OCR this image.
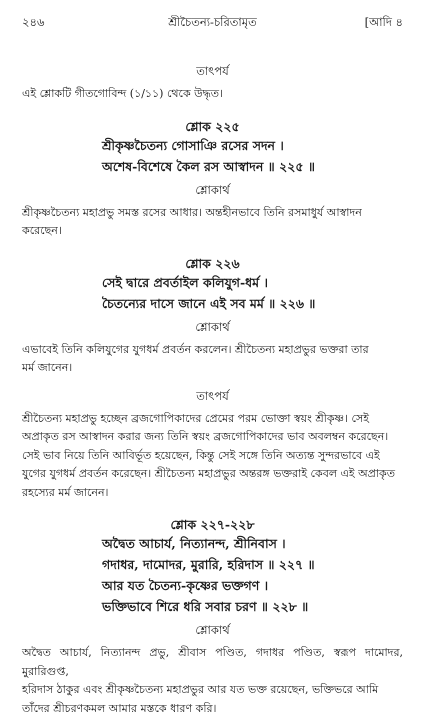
২৪৬	শ্রীচৈতন্য-চরিতামৃত	[আদি ৪

তাৎপর্য

এই শ্লোকটি গীতগোবিন্দ (১/১১) থেকে উদ্ধৃত।

শ্লোক ২২৫

শ্রীকৃষ্ণচৈতন্য গোসাঞি রসের সদন ।

অশেষ-বিশেষে কৈল রস আস্বাদন ॥ ২২৫ ॥

শ্লোকার্থ

শ্রীকৃষ্ণচৈতন্য মহাপ্রভু সমস্ত রসের আধার। অন্তহীনভাবে তিনি রসমাধুর্য আস্বাদন

করেছেন।

শ্লোক ২২৬

সেই দ্বারে প্রবর্তাইল কলিযুগ-ধর্ম ।

চৈতন্যের দাসে জানে এই সব মর্ম ॥ ২২৬ ॥

শ্লোকার্থ

এভাবেই তিনি কলিযুগের যুগধর্ম প্রবর্তন করলেন। শ্রীচৈতন্য মহাপ্রভুর ভক্তরা তার

মর্ম জানেন।

তাৎপর্য

শ্রীচৈতন্য মহাপ্রভু হচ্ছেন ব্রজগোপিকাদের প্রেমের পরম ভোক্তা স্বয়ং শ্রীকৃষ্ণ। সেই

অপ্রাকৃত রস আস্বাদন করার জন্য তিনি স্বয়ং ব্রজগোপিকাদের ভাব অবলম্বন করেছেন।

সেই ভাব নিয়ে তিনি আবির্ভূত হয়েছেন, কিন্তু সেই সঙ্গে তিনি অত্যন্ত সুন্দরভাবে এই

যুগের যুগধর্ম প্রবর্তন করেছেন। শ্রীচৈতন্য মহাপ্রভুর অন্তরঙ্গ ভক্তরাই কেবল এই অপ্রাকৃত

রহস্যের মর্ম জানেন।

শ্লোক ২২৭-২২৮

অদ্বৈত আচার্য, নিত্যানন্দ, শ্রীনিবাস ।

গদাধর, দামোদর, মুরারি, হরিদাস ॥ ২২৭ ॥

আর যত চৈতন্য-কৃষ্ণের ভক্তগণ ।

ভক্তিভাবে শিরে ধরি সবার চরণ ॥ ২২৮ ॥

শ্লোকার্থ

অদ্বৈত আচার্য, নিত্যানন্দ প্রভু, শ্রীবাস পণ্ডিত, গদাধর পণ্ডিত, স্বরূপ দামোদর, মুরারিগুপ্ত,

হরিদাস ঠাকুর এবং শ্রীকৃষ্ণচৈতন্য মহাপ্রভুর আর যত ভক্ত রয়েছেন, ভক্তিভরে আমি

তাঁদের শ্রীচরণকমল আমার মস্তকে ধারণ করি।
